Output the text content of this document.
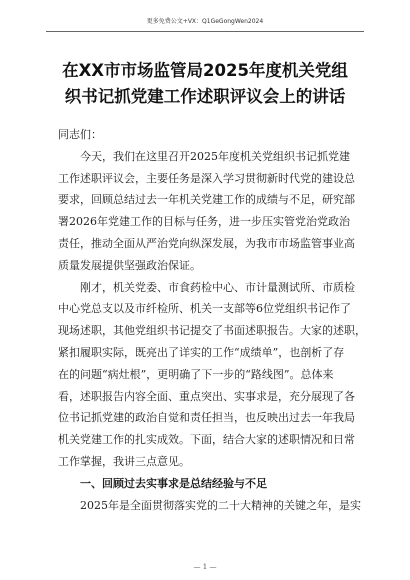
更多免费公文+VX：Q1GeGongWen2024
在XX市市场监管局2025年度机关党组
织书记抓党建工作述职评议会上的讲话
同志们：
　　今天，我们在这里召开2025年度机关党组织书记抓党建
工作述职评议会，主要任务是深入学习贯彻新时代党的建设总
要求，回顾总结过去一年机关党建工作的成绩与不足，研究部
署2026年党建工作的目标与任务，进一步压实管党治党政治
责任，推动全面从严治党向纵深发展，为我市市场监管事业高
质量发展提供坚强政治保证。
　　刚才，机关党委、市食药检中心、市计量测试所、市质检
中心党总支以及市纤检所、机关一支部等6位党组织书记作了
现场述职，其他党组织书记提交了书面述职报告。大家的述职，
紧扣履职实际，既亮出了详实的工作“成绩单”，也剖析了存
在的问题“病灶根”，更明确了下一步的“路线图”。总体来
看，述职报告内容全面、重点突出、实事求是，充分展现了各
位书记抓党建的政治自觉和责任担当，也反映出过去一年我局
机关党建工作的扎实成效。下面，结合大家的述职情况和日常
工作掌握，我讲三点意见。
　　一、回顾过去实事求是总结经验与不足
　　2025年是全面贯彻落实党的二十大精神的关键之年，是实
— 1 —
